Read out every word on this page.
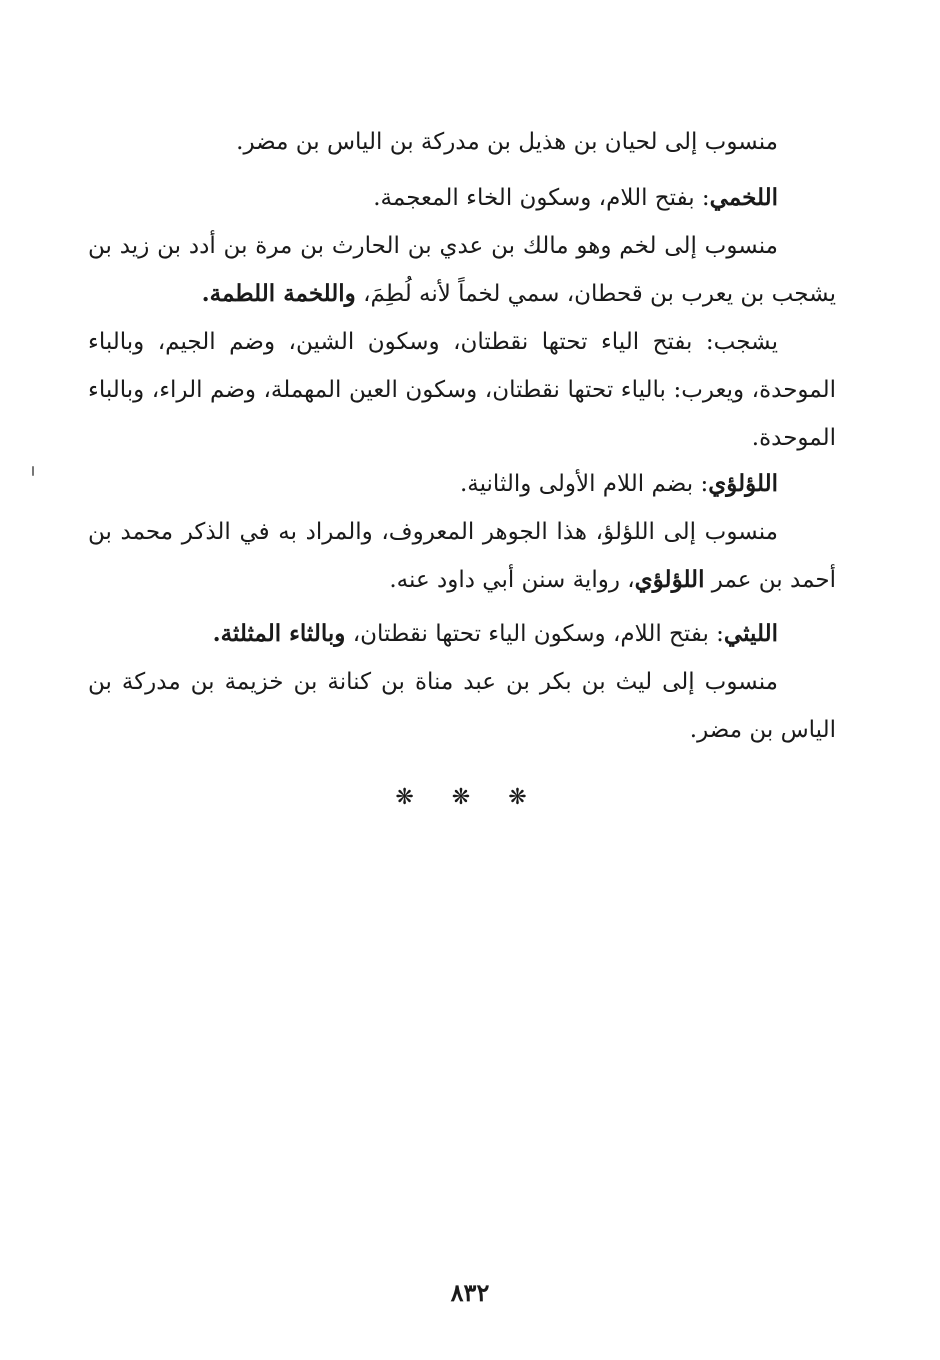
منسوب إلى لحيان بن هذيل بن مدركة بن الياس بن مضر.

اللخمي: بفتح اللام، وسكون الخاء المعجمة.

منسوب إلى لخم وهو مالك بن عدي بن الحارث بن مرة بن أدد بن زيد بن يشجب بن يعرب بن قحطان، سمي لخماً لأنه لُطِمَ، واللخمة اللطمة.

يشجب: بفتح الياء تحتها نقطتان، وسكون الشين، وضم الجيم، وبالباء الموحدة، ويعرب: بالياء تحتها نقطتان، وسكون العين المهملة، وضم الراء، وبالباء الموحدة.

اللؤلؤي: بضم اللام الأولى والثانية.

منسوب إلى اللؤلؤ، هذا الجوهر المعروف، والمراد به في الذكر محمد بن أحمد بن عمر اللؤلؤي، رواية سنن أبي داود عنه.

الليثي: بفتح اللام، وسكون الياء تحتها نقطتان، وبالثاء المثلثة.

منسوب إلى ليث بن بكر بن عبد مناة بن كنانة بن خزيمة بن مدركة بن الياس بن مضر.

❋❋❋
٨٣٢
